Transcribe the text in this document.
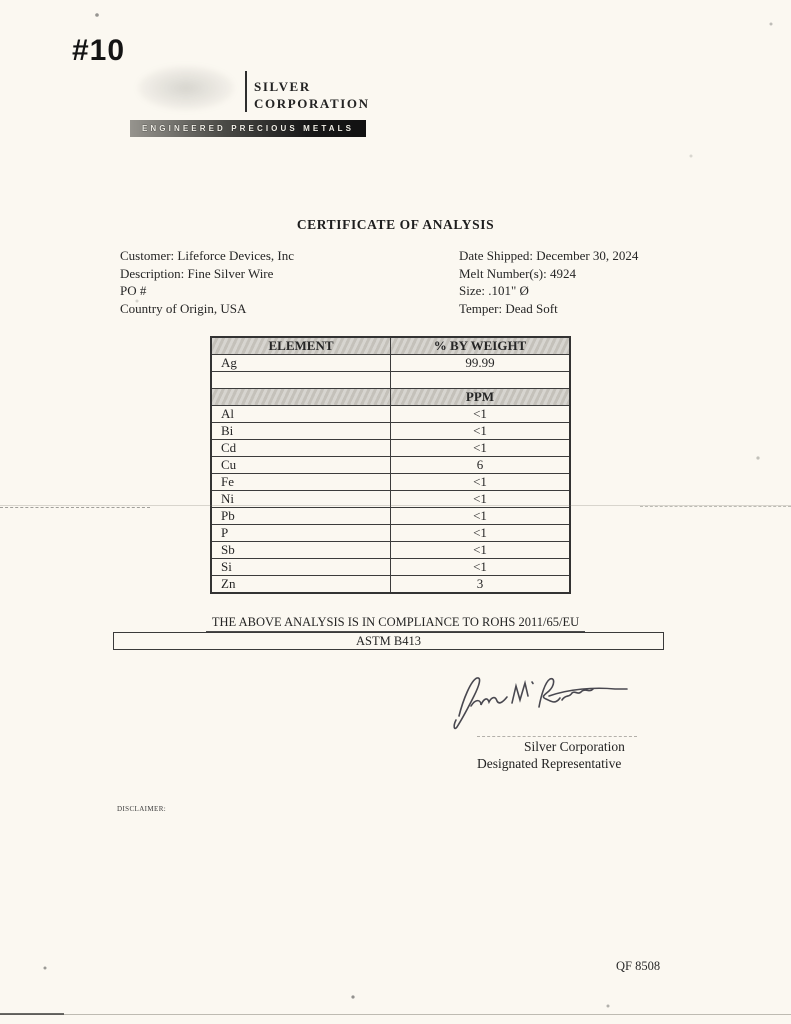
#10
SILVER
CORPORATION
ENGINEERED PRECIOUS METALS
CERTIFICATE OF ANALYSIS
Customer: Lifeforce Devices, Inc
Description: Fine Silver Wire
PO #
Country of Origin, USA
Date Shipped: December 30, 2024
Melt Number(s): 4924
Size: .101" Ø
Temper: Dead Soft
ELEMENT	% BY WEIGHT
Ag	99.99

	PPM
Al	<1
Bi	<1
Cd	<1
Cu	6
Fe	<1
Ni	<1
Pb	<1
P	<1
Sb	<1
Si	<1
Zn	3
THE ABOVE ANALYSIS IS IN COMPLIANCE TO ROHS 2011/65/EU
ASTM B413
Silver Corporation
Designated Representative
DISCLAIMER:
QF 8508
